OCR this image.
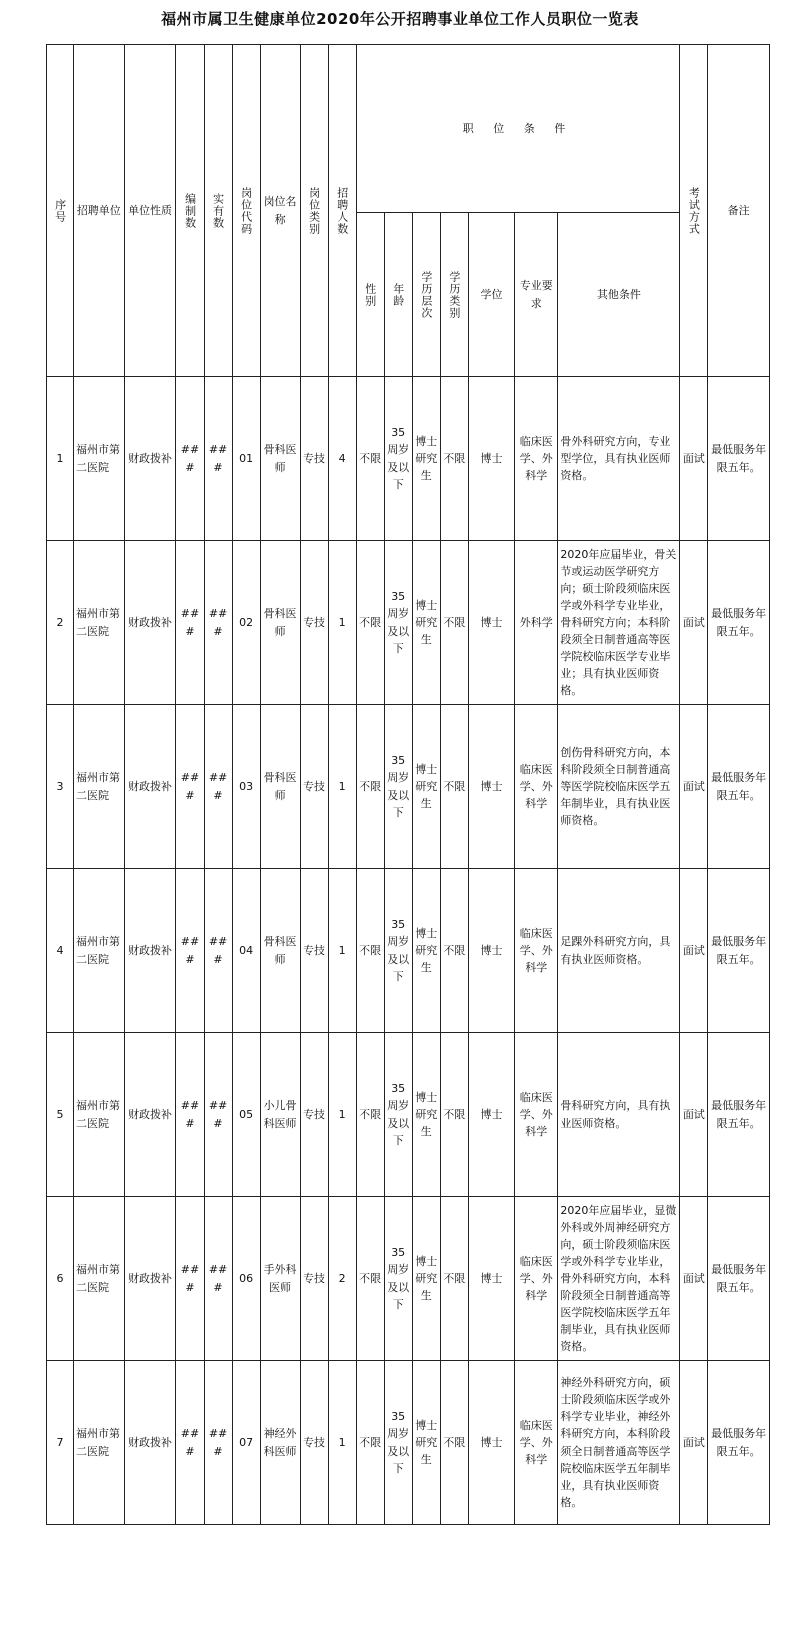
福州市属卫生健康单位2020年公开招聘事业单位工作人员职位一览表
序号	招聘单位	单位性质	编制数	实有数	岗位代码	岗位名称	岗位类别	招聘人数	职 位 条 件							考试方式	备注

									性别	年龄	学历层次	学历类别	学位	专业要求	其他条件		
1	福州市第二医院	财政拨补	###	###	01	骨科医师	专技	4	不限	35周岁及以下	博士研究生	不限	博士	临床医学、外科学	骨外科研究方向，专业型学位，具有执业医师资格。	面试	最低服务年限五年。
2	福州市第二医院	财政拨补	###	###	02	骨科医师	专技	1	不限	35周岁及以下	博士研究生	不限	博士	外科学	2020年应届毕业，骨关节或运动医学研究方向；硕士阶段须临床医学或外科学专业毕业，骨科研究方向；本科阶段须全日制普通高等医学院校临床医学专业毕业；具有执业医师资格。	面试	最低服务年限五年。
3	福州市第二医院	财政拨补	###	###	03	骨科医师	专技	1	不限	35周岁及以下	博士研究生	不限	博士	临床医学、外科学	创伤骨科研究方向，本科阶段须全日制普通高等医学院校临床医学五年制毕业，具有执业医师资格。	面试	最低服务年限五年。
4	福州市第二医院	财政拨补	###	###	04	骨科医师	专技	1	不限	35周岁及以下	博士研究生	不限	博士	临床医学、外科学	足踝外科研究方向，具有执业医师资格。	面试	最低服务年限五年。
5	福州市第二医院	财政拨补	###	###	05	小儿骨科医师	专技	1	不限	35周岁及以下	博士研究生	不限	博士	临床医学、外科学	骨科研究方向，具有执业医师资格。	面试	最低服务年限五年。
6	福州市第二医院	财政拨补	###	###	06	手外科医师	专技	2	不限	35周岁及以下	博士研究生	不限	博士	临床医学、外科学	2020年应届毕业，显微外科或外周神经研究方向，硕士阶段须临床医学或外科学专业毕业，骨外科研究方向，本科阶段须全日制普通高等医学院校临床医学五年制毕业，具有执业医师资格。	面试	最低服务年限五年。
7	福州市第二医院	财政拨补	###	###	07	神经外科医师	专技	1	不限	35周岁及以下	博士研究生	不限	博士	临床医学、外科学	神经外科研究方向，硕士阶段须临床医学或外科学专业毕业，神经外科研究方向，本科阶段须全日制普通高等医学院校临床医学五年制毕业，具有执业医师资格。	面试	最低服务年限五年。
